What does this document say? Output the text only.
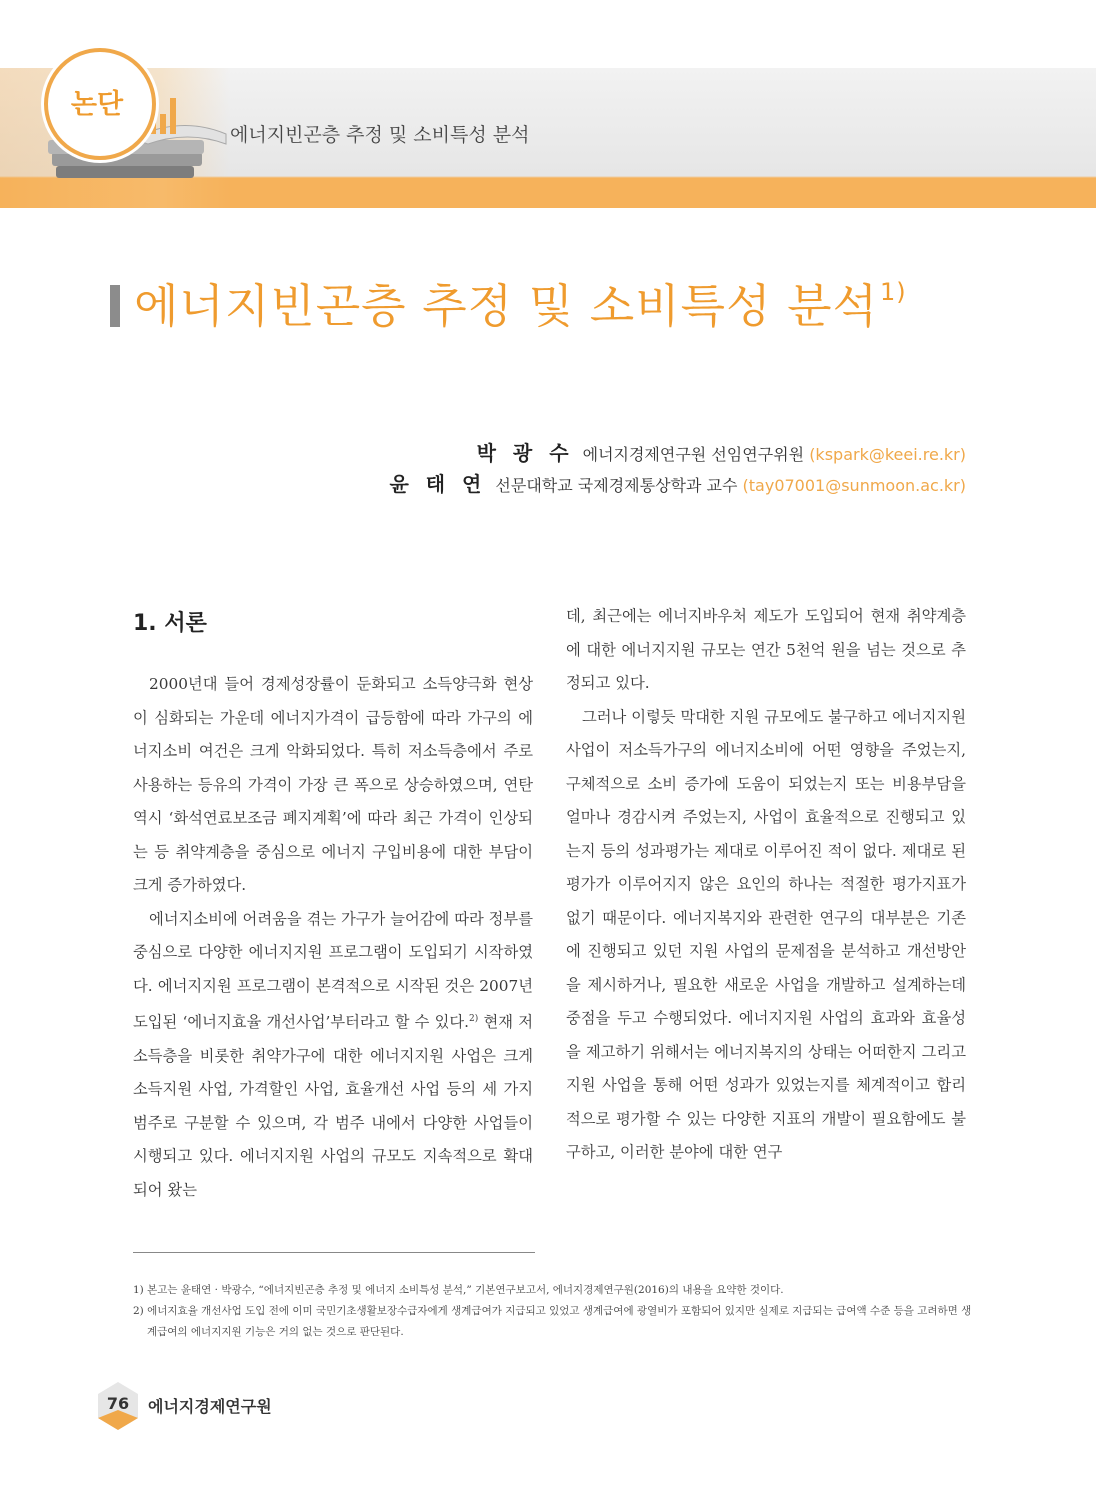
논단
에너지빈곤층 추정 및 소비특성 분석
에너지빈곤층 추정 및 소비특성 분석$^{1)}$
박 광 수 에너지경제연구원 선임연구위원 (kspark@keei.re.kr)
윤 태 연 선문대학교 국제경제통상학과 교수 (tay07001@sunmoon.ac.kr)
1. 서론

2000년대 들어 경제성장률이 둔화되고 소득양극화 현상이 심화되는 가운데 에너지가격이 급등함에 따라 가구의 에너지소비 여건은 크게 악화되었다. 특히 저소득층에서 주로 사용하는 등유의 가격이 가장 큰 폭으로 상승하였으며, 연탄 역시 ‘화석연료보조금 폐지계획’에 따라 최근 가격이 인상되는 등 취약계층을 중심으로 에너지 구입비용에 대한 부담이 크게 증가하였다.

에너지소비에 어려움을 겪는 가구가 늘어감에 따라 정부를 중심으로 다양한 에너지지원 프로그램이 도입되기 시작하였다. 에너지지원 프로그램이 본격적으로 시작된 것은 2007년 도입된 ‘에너지효율 개선사업’부터라고 할 수 있다.$^{2)}$ 현재 저소득층을 비롯한 취약가구에 대한 에너지지원 사업은 크게 소득지원 사업, 가격할인 사업, 효율개선 사업 등의 세 가지 범주로 구분할 수 있으며, 각 범주 내에서 다양한 사업들이 시행되고 있다. 에너지지원 사업의 규모도 지속적으로 확대되어 왔는

데, 최근에는 에너지바우처 제도가 도입되어 현재 취약계층에 대한 에너지지원 규모는 연간 5천억 원을 넘는 것으로 추정되고 있다.

그러나 이렇듯 막대한 지원 규모에도 불구하고 에너지지원 사업이 저소득가구의 에너지소비에 어떤 영향을 주었는지, 구체적으로 소비 증가에 도움이 되었는지 또는 비용부담을 얼마나 경감시켜 주었는지, 사업이 효율적으로 진행되고 있는지 등의 성과평가는 제대로 이루어진 적이 없다. 제대로 된 평가가 이루어지지 않은 요인의 하나는 적절한 평가지표가 없기 때문이다. 에너지복지와 관련한 연구의 대부분은 기존에 진행되고 있던 지원 사업의 문제점을 분석하고 개선방안을 제시하거나, 필요한 새로운 사업을 개발하고 설계하는데 중점을 두고 수행되었다. 에너지지원 사업의 효과와 효율성을 제고하기 위해서는 에너지복지의 상태는 어떠한지 그리고 지원 사업을 통해 어떤 성과가 있었는지를 체계적이고 합리적으로 평가할 수 있는 다양한 지표의 개발이 필요함에도 불구하고, 이러한 분야에 대한 연구

1) 본고는 윤태연 · 박광수, “에너지빈곤층 추정 및 에너지 소비특성 분석,” 기본연구보고서, 에너지경제연구원(2016)의 내용을 요약한 것이다.
2) 에너지효율 개선사업 도입 전에 이미 국민기초생활보장수급자에게 생계급여가 지급되고 있었고 생계급여에 광열비가 포함되어 있지만 실제로 지급되는 급여액 수준 등을 고려하면 생계급여의 에너지지원 기능은 거의 없는 것으로 판단된다.
76	에너지경제연구원
